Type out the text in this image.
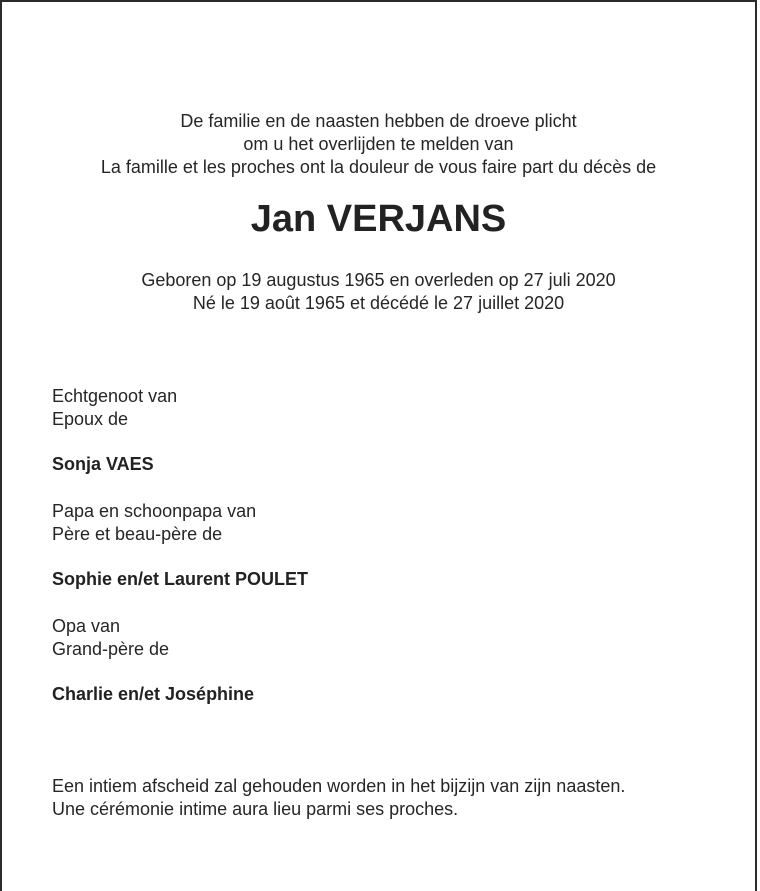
De familie en de naasten hebben de droeve plicht
om u het overlijden te melden van
La famille et les proches ont la douleur de vous faire part du décès de
Jan VERJANS
Geboren op 19 augustus 1965 en overleden op 27 juli 2020
Né le 19 août 1965 et décédé le 27 juillet 2020
Echtgenoot van
Epoux de
Sonja VAES
Papa en schoonpapa van
Père et beau-père de
Sophie en/et Laurent POULET
Opa van
Grand-père de
Charlie en/et Joséphine
Een intiem afscheid zal gehouden worden in het bijzijn van zijn naasten.
Une cérémonie intime aura lieu parmi ses proches.
